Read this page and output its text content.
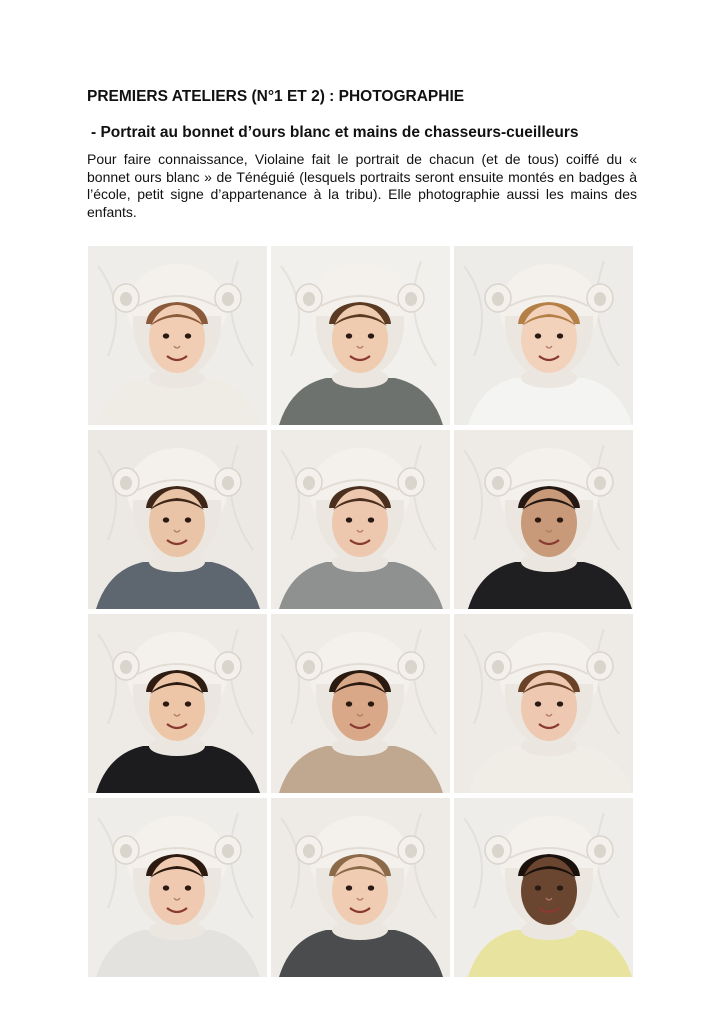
PREMIERS ATELIERS (N°1 ET 2) : PHOTOGRAPHIE
- Portrait au bonnet d’ours blanc et mains de chasseurs-cueilleurs

Pour faire connaissance, Violaine fait le portrait de chacun (et de tous) coiffé du « bonnet ours blanc » de Ténéguié (lesquels portraits seront ensuite montés en badges à l’école, petit signe d’appartenance à la tribu). Elle photographie aussi les mains des enfants.
